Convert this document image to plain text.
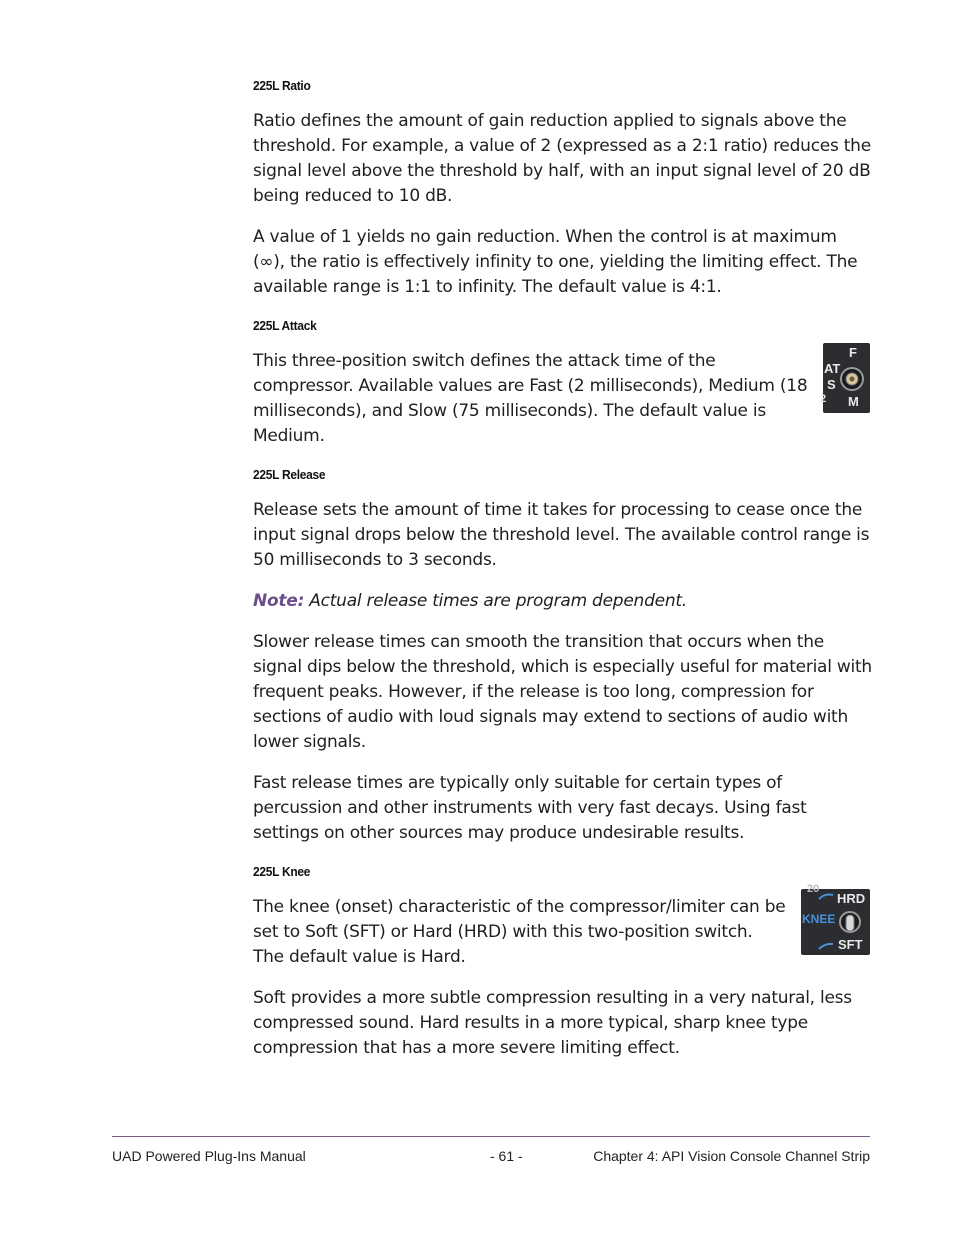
225L Ratio

Ratio defines the amount of gain reduction applied to signals above the threshold. For example, a value of 2 (expressed as a 2:1 ratio) reduces the signal level above the threshold by half, with an input signal level of 20 dB being reduced to 10 dB.

A value of 1 yields no gain reduction. When the control is at maximum (∞), the ratio is effectively infinity to one, yielding the limiting effect. The available range is 1:1 to infinity. The default value is 4:1.

225L Attack

This three-position switch defines the attack time of the compressor. Available values are Fast (2 milliseconds), Medium (18 milliseconds), and Slow (75 milliseconds). The default value is Medium.

F
AT
S
2 M
225L Release

Release sets the amount of time it takes for processing to cease once the input signal drops below the threshold level. The available control range is 50 milliseconds to 3 seconds.

Note: Actual release times are program dependent.

Slower release times can smooth the transition that occurs when the signal dips below the threshold, which is especially useful for material with frequent peaks. However, if the release is too long, compression for sections of audio with loud signals may extend to sections of audio with lower signals.

Fast release times are typically only suitable for certain types of percussion and other instruments with very fast decays. Using fast settings on other sources may produce undesirable results.

225L Knee

The knee (onset) characteristic of the compressor/limiter can be set to Soft (SFT) or Hard (HRD) with this two-position switch. The default value is Hard.

20
HRD
KNEE
SFT

Soft provides a more subtle compression resulting in a very natural, less compressed sound. Hard results in a more typical, sharp knee type compression that has a more severe limiting effect.

UAD Powered Plug-Ins Manual	- 61 -	Chapter 4: API Vision Console Channel Strip
